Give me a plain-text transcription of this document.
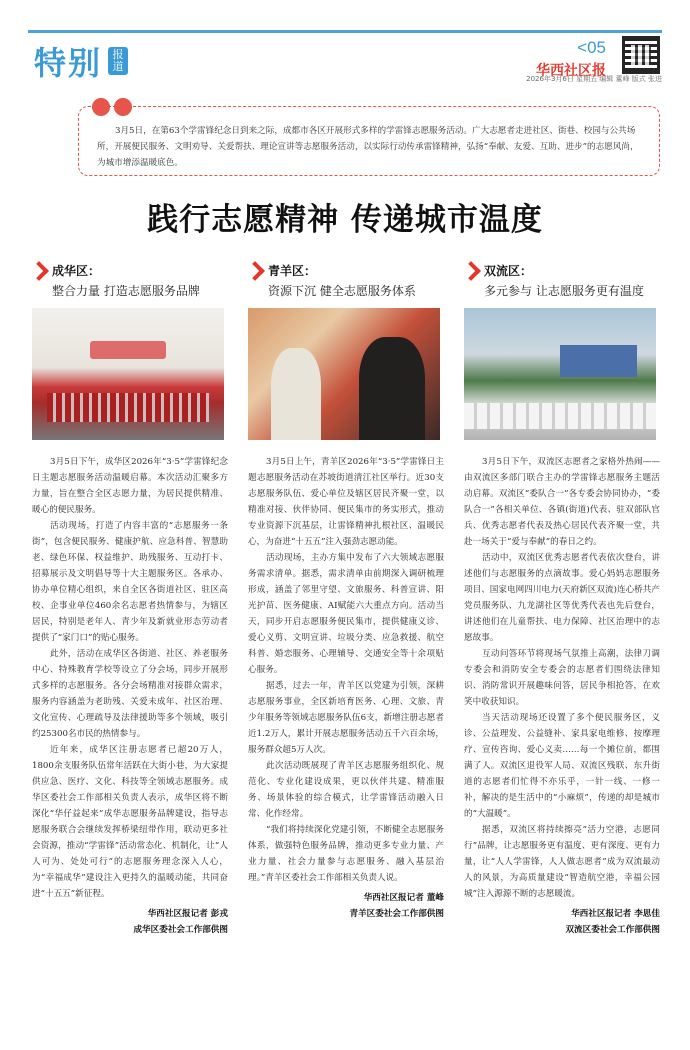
特别 报道
<05
华西社区报
2026年3月6日 星期五 编辑 董峰 版式 张进
3月5日，在第63个学雷锋纪念日到来之际，成都市各区开展形式多样的学雷锋志愿服务活动。广大志愿者走进社区、街巷、校园与公共场所，开展便民服务、文明劝导、关爱帮扶、理论宣讲等志愿服务活动，以实际行动传承雷锋精神，弘扬“奉献、友爱、互助、进步”的志愿风尚，为城市增添温暖底色。
践行志愿精神 传递城市温度
成华区：
整合力量 打造志愿服务品牌

3月5日下午，成华区2026年“3·5”学雷锋纪念日主题志愿服务活动温暖启幕。本次活动汇聚多方力量，旨在整合全区志愿力量，为居民提供精准、暖心的便民服务。

活动现场，打造了内容丰富的“志愿服务一条街”，包含便民服务、健康护航、应急科普、智慧助老、绿色环保、权益维护、助残服务、互动打卡、招募展示及文明倡导等十大主题服务区。各承办、协办单位精心组织，来自全区各街道社区、驻区高校、企事业单位460余名志愿者热情参与，为辖区居民，特别是老年人、青少年及新就业形态劳动者提供了“家门口”的贴心服务。

此外，活动在成华区各街道、社区、养老服务中心、特殊教育学校等设立了分会场，同步开展形式多样的志愿服务。各分会场精准对接群众需求，服务内容涵盖为老助残、关爱未成年、社区治理、文化宣传、心理疏导及法律援助等多个领域，吸引约25300名市民的热情参与。

近年来，成华区注册志愿者已超20万人，1800余支服务队伍常年活跃在大街小巷，为大家提供应急、医疗、文化、科技等全领域志愿服务。成华区委社会工作部相关负责人表示，成华区将不断深化“华仔益起来”成华志愿服务品牌建设，指导志愿服务联合会继续发挥桥梁纽带作用，联动更多社会资源，推动“学雷锋”活动常态化、机制化，让“人人可为、处处可行”的志愿服务理念深入人心，为“幸福成华”建设注入更持久的温暖动能，共同奋进“十五五”新征程。

华西社区报记者 彭戎
成华区委社会工作部供图
青羊区：
资源下沉 健全志愿服务体系

3月5日上午，青羊区2026年“3·5”学雷锋日主题志愿服务活动在苏坡街道清江社区举行。近30支志愿服务队伍、爱心单位及辖区居民齐聚一堂，以精准对接、伙伴协同、便民集市的务实形式，推动专业资源下沉基层，让雷锋精神扎根社区、温暖民心，为奋进“十五五”注入强劲志愿动能。

活动现场，主办方集中发布了六大领域志愿服务需求清单。据悉，需求清单由前期深入调研梳理形成，涵盖了邻里守望、文旅服务、科普宣讲、阳光护苗、医务健康、AI赋能六大重点方向。活动当天，同步开启志愿服务便民集市，提供健康义诊、爱心义剪、文明宣讲、垃圾分类、应急救援、航空科普、婚恋服务、心理辅导、交通安全等十余项贴心服务。

据悉，过去一年，青羊区以党建为引领，深耕志愿服务事业，全区新培育医务、心理、文旅、青少年服务等领域志愿服务队伍6支，新增注册志愿者近1.2万人，累计开展志愿服务活动五千六百余场，服务群众超5万人次。

此次活动既展现了青羊区志愿服务组织化、规范化、专业化建设成果，更以伙伴共建、精准服务、场景体验的综合模式，让学雷锋活动融入日常、化作经常。

“我们将持续深化党建引领，不断健全志愿服务体系，做强特色服务品牌，推动更多专业力量、产业力量、社会力量参与志愿服务、融入基层治理。”青羊区委社会工作部相关负责人说。

华西社区报记者 董峰
青羊区委社会工作部供图
双流区：
多元参与 让志愿服务更有温度

3月5日下午，双流区志愿者之家格外热闹——由双流区多部门联合主办的学雷锋志愿服务主题活动启幕。双流区“委队合一”各专委会协同协办，“委队合一”各相关单位、各镇(街道)代表、驻双部队官兵、优秀志愿者代表及热心居民代表齐聚一堂，共赴一场关于“爱与奉献”的春日之约。

活动中，双流区优秀志愿者代表依次登台，讲述他们与志愿服务的点滴故事。爱心妈妈志愿服务项目、国家电网四川电力(天府新区双流)连心桥共产党员服务队、九龙湖社区等优秀代表也先后登台，讲述他们在儿童帮扶、电力保障、社区治理中的志愿故事。

互动问答环节将现场气氛推上高潮，法律刀调专委会和消防安全专委会的志愿者们围绕法律知识、消防常识开展趣味问答，居民争相抢答，在欢笑中收获知识。

当天活动现场还设置了多个便民服务区，义诊、公益理发、公益缝补、家具家电维修、按摩理疗、宣传咨询、爱心义卖……每一个摊位前，都围满了人。双流区退役军人局、双流区残联、东升街道的志愿者们忙得不亦乐乎，一针一线、一修一补，解决的是生活中的“小麻烦”，传递的却是城市的“大温暖”。

据悉，双流区将持续擦亮“活力空港，志愿同行”品牌，让志愿服务更有温度、更有深度、更有力量，让“人人学雷锋，人人做志愿者”成为双流最动人的风景，为高质量建设“智造航空港，幸福公园城”注入源源不断的志愿暖流。

华西社区报记者 李思佳
双流区委社会工作部供图
